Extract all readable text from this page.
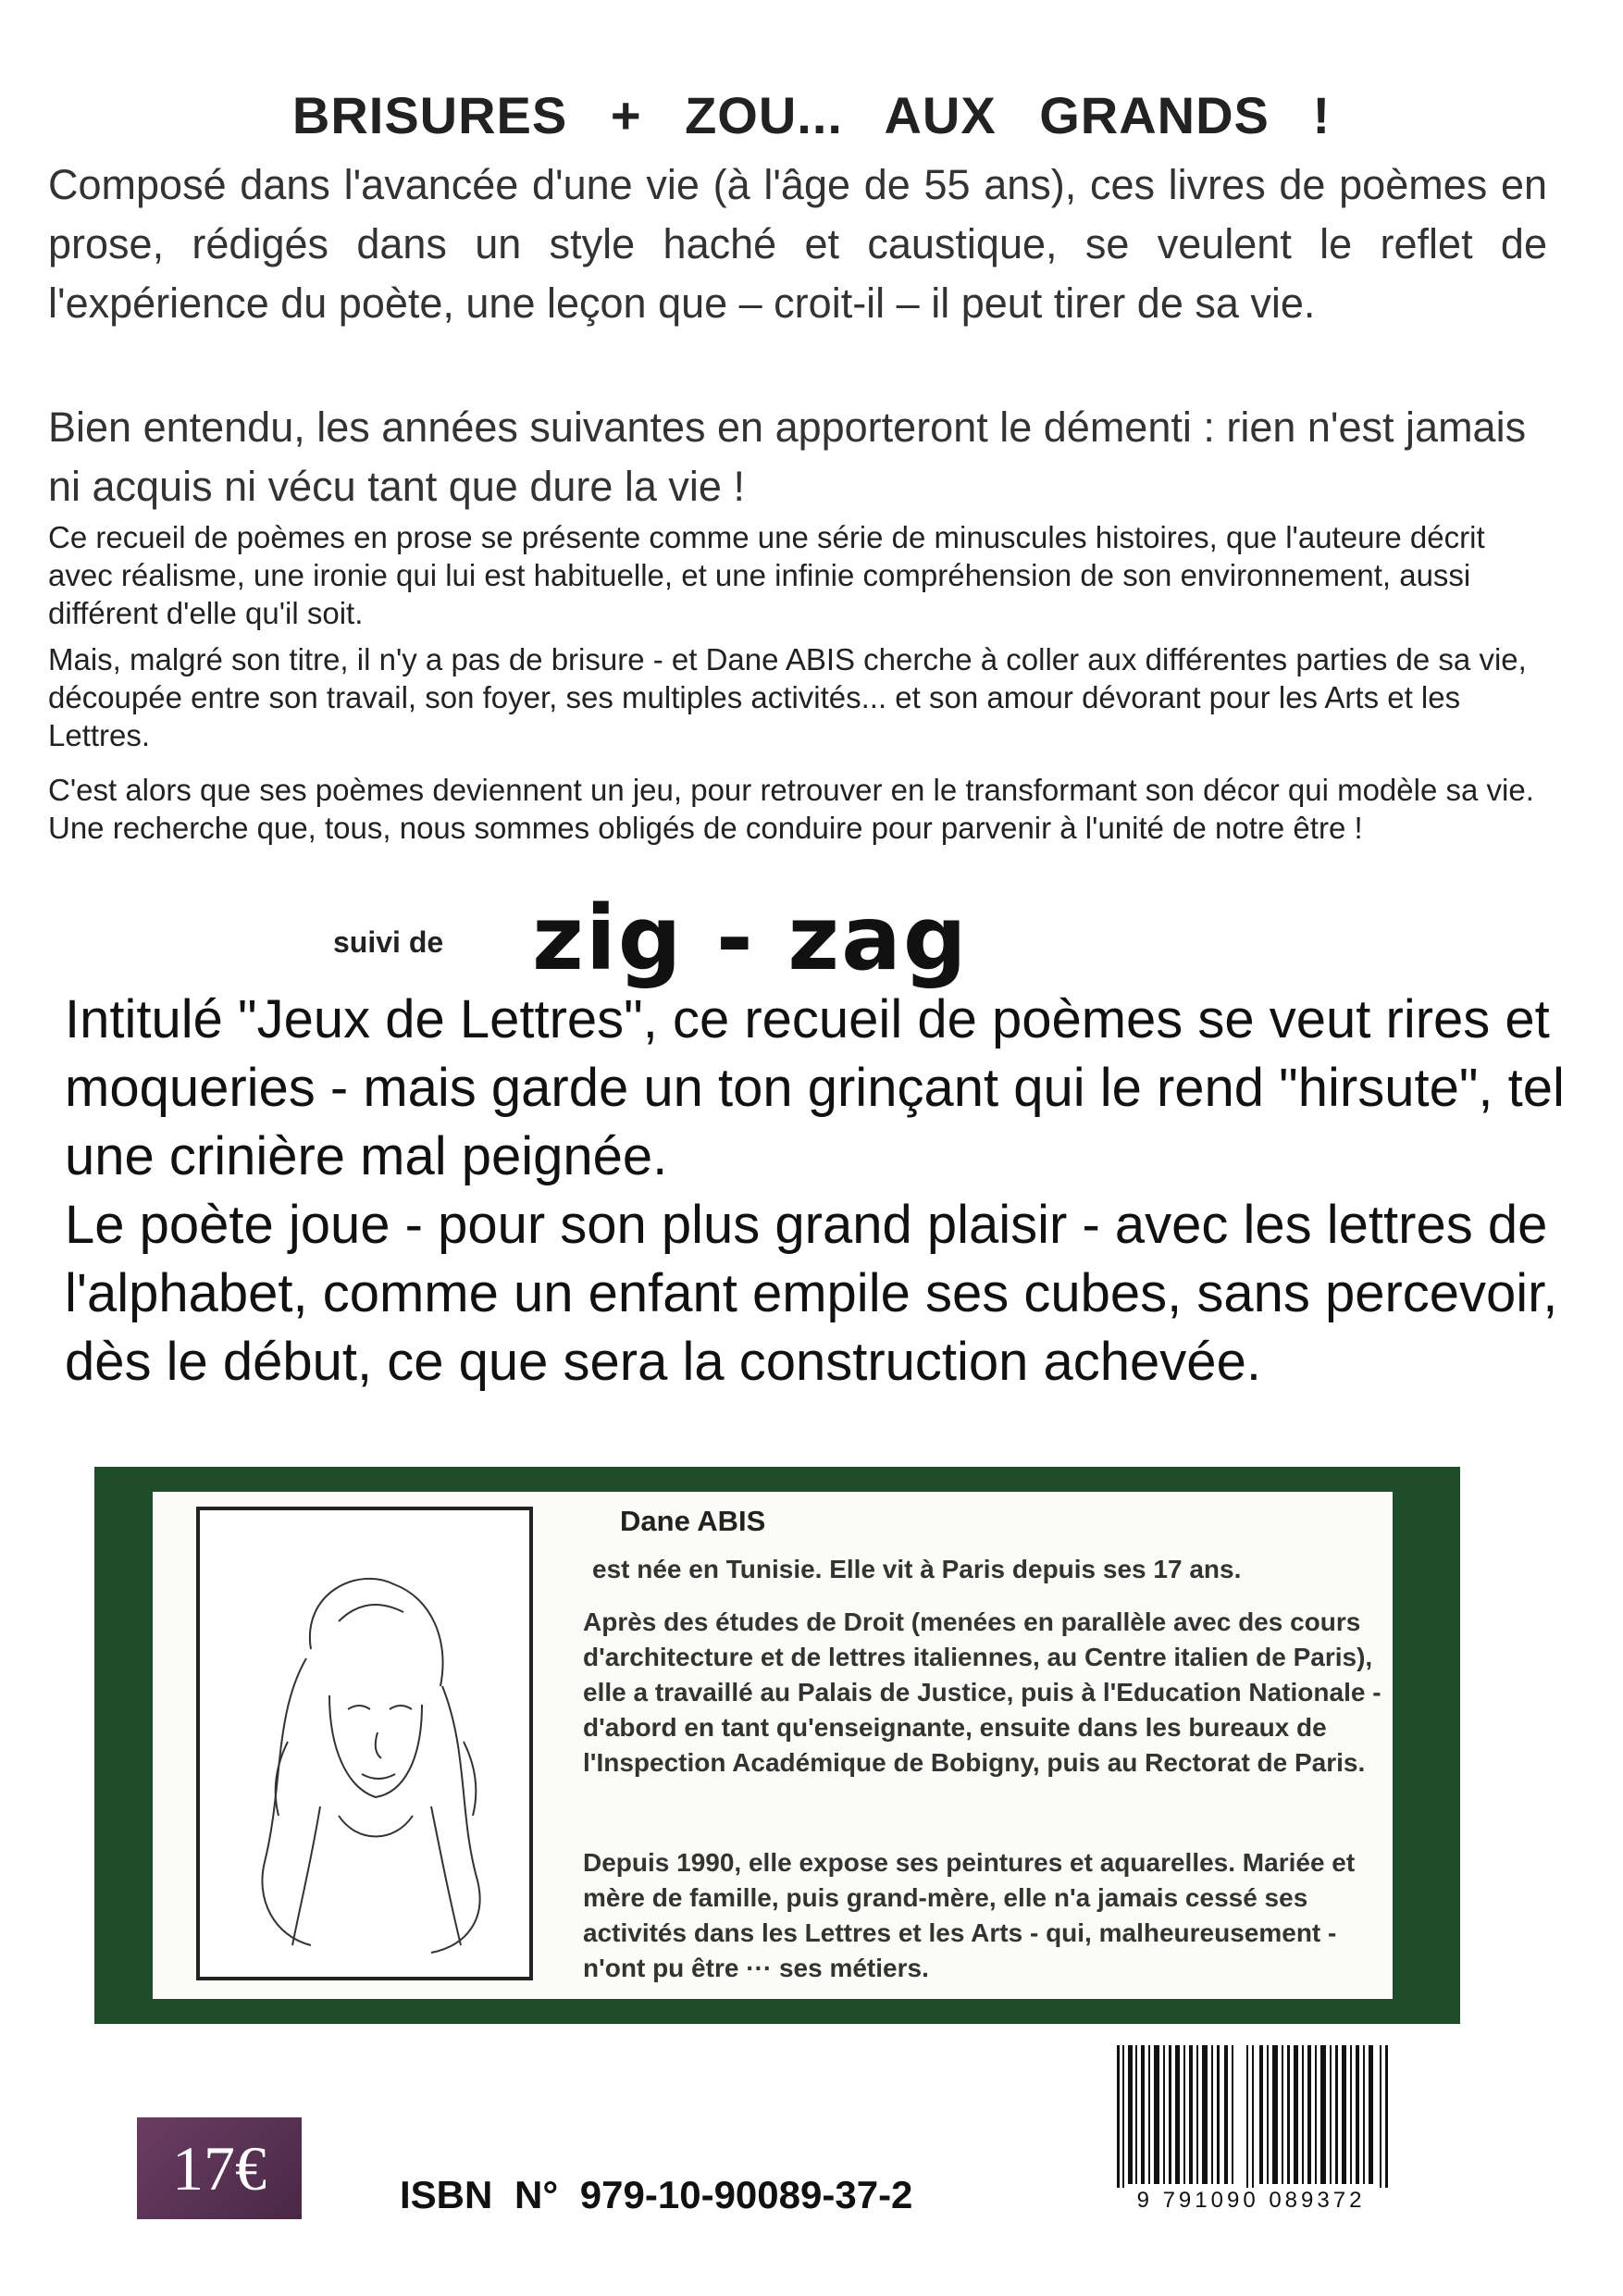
BRISURES + ZOU... AUX GRANDS !
Composé dans l'avancée d'une vie (à l'âge de 55 ans), ces livres de poèmes en prose, rédigés dans un style haché et caustique, se veulent le reflet de l'expérience du poète, une leçon que – croit-il – il peut tirer de sa vie.
Bien entendu, les années suivantes en apporteront le démenti : rien n'est jamais ni acquis ni vécu tant que dure la vie !
Ce recueil de poèmes en prose se présente comme une série de minuscules histoires, que l'auteure décrit avec réalisme, une ironie qui lui est habituelle, et une infinie compréhension de son environnement, aussi différent d'elle qu'il soit.
Mais, malgré son titre, il n'y a pas de brisure - et Dane ABIS cherche à coller aux différentes parties de sa vie, découpée entre son travail, son foyer, ses multiples activités... et son amour dévorant pour les Arts et les Lettres.
C'est alors que ses poèmes deviennent un jeu, pour retrouver en le transformant son décor qui modèle sa vie. Une recherche que, tous, nous sommes obligés de conduire pour parvenir à l'unité de notre être !
suivi de zig - zag

Intitulé "Jeux de Lettres", ce recueil de poèmes se veut rires et moqueries - mais garde un ton grinçant qui le rend "hirsute", tel une crinière mal peignée.

Le poète joue - pour son plus grand plaisir - avec les lettres de l'alphabet, comme un enfant empile ses cubes, sans percevoir, dès le début, ce que sera la construction achevée.

Dane ABIS
est née en Tunisie. Elle vit à Paris depuis ses 17 ans.
Après des études de Droit (menées en parallèle avec des cours d'architecture et de lettres italiennes, au Centre italien de Paris), elle a travaillé au Palais de Justice, puis à l'Education Nationale - d'abord en tant qu'enseignante, ensuite dans les bureaux de l'Inspection Académique de Bobigny, puis au Rectorat de Paris.
Depuis 1990, elle expose ses peintures et aquarelles. Mariée et mère de famille, puis grand-mère, elle n'a jamais cessé ses activités dans les Lettres et les Arts - qui, malheureusement - n'ont pu être ··· ses métiers.
17€	ISBN N° 979-10-90089-37-2	9 791090 089372
